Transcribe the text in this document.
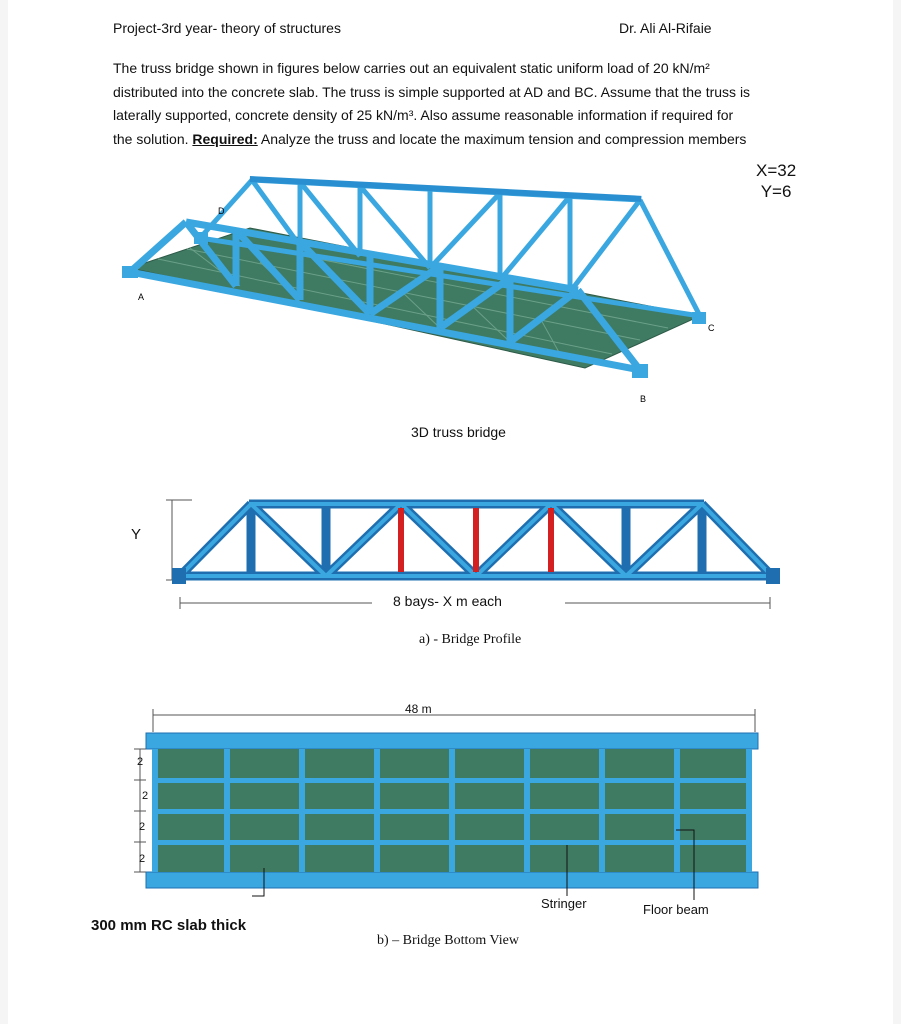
Project-3rd year- theory of structures	Dr. Ali Al-Rifaie
The truss bridge shown in figures below carries out an equivalent static uniform load of 20 kN/m²
distributed into the concrete slab. The truss is simple supported at AD and BC. Assume that the truss is
laterally supported, concrete density of 25 kN/m³. Also assume reasonable information if required for
the solution. Required: Analyze the truss and locate the maximum tension and compression members
X=32
Y=6
A
B
C
D
3D truss bridge
Y
8 bays- X m each
a) - Bridge Profile
48 m
2
2
2
2
Stringer	Floor beam
300 mm RC slab thick
b) – Bridge Bottom View
